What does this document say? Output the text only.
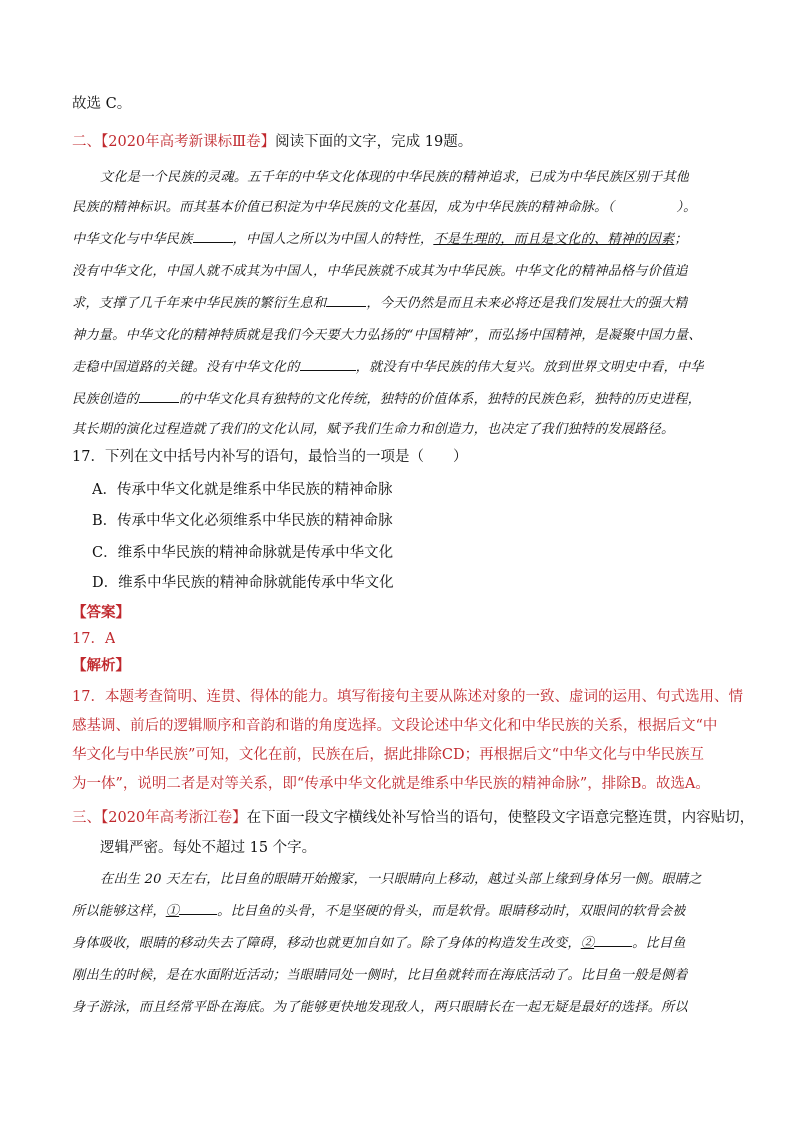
故选 C。
二、【2020年高考新课标Ⅲ卷】阅读下面的文字，完成 19题。
文化是一个民族的灵魂。五千年的中华文化体现的中华民族的精神追求，已成为中华民族区别于其他
民族的精神标识。而其基本价值已积淀为中华民族的文化基因，成为中华民族的精神命脉。（	）。
中华文化与中华民族	，中国人之所以为中国人的特性，不是生理的，而且是文化的、精神的因素；
没有中华文化，中国人就不成其为中国人，中华民族就不成其为中华民族。中华文化的精神品格与价值追
求，支撑了几千年来中华民族的繁衍生息和	，今天仍然是而且未来必将还是我们发展壮大的强大精
神力量。中华文化的精神特质就是我们今天要大力弘扬的“中国精神”，而弘扬中国精神，是凝聚中国力量、
走稳中国道路的关键。没有中华文化的	，就没有中华民族的伟大复兴。放到世界文明史中看，中华
民族创造的	的中华文化具有独特的文化传统，独特的价值体系，独特的民族色彩，独特的历史进程，
其长期的演化过程造就了我们的文化认同，赋予我们生命力和创造力，也决定了我们独特的发展路径。
17．下列在文中括号内补写的语句，最恰当的一项是（　　）
A．传承中华文化就是维系中华民族的精神命脉
B．传承中华文化必须维系中华民族的精神命脉
C．维系中华民族的精神命脉就是传承中华文化
D．维系中华民族的精神命脉就能传承中华文化
【答案】
17．A
【解析】
17．本题考查简明、连贯、得体的能力。填写衔接句主要从陈述对象的一致、虚词的运用、句式选用、情
感基调、前后的逻辑顺序和音韵和谐的角度选择。文段论述中华文化和中华民族的关系，根据后文“中
华文化与中华民族”可知，文化在前，民族在后，据此排除CD；再根据后文“中华文化与中华民族互
为一体”，说明二者是对等关系，即“传承中华文化就是维系中华民族的精神命脉”，排除B。故选A。
三、【2020年高考浙江卷】在下面一段文字横线处补写恰当的语句，使整段文字语意完整连贯，内容贴切，
逻辑严密。每处不超过 15 个字。
在出生 20 天左右，比目鱼的眼睛开始搬家，一只眼睛向上移动，越过头部上缘到身体另一侧。眼睛之
所以能够这样，①	。比目鱼的头骨，不是坚硬的骨头，而是软骨。眼睛移动时，双眼间的软骨会被
身体吸收，眼睛的移动失去了障碍，移动也就更加自如了。除了身体的构造发生改变，②	。比目鱼
刚出生的时候，是在水面附近活动；当眼睛同处一侧时，比目鱼就转而在海底活动了。比目鱼一般是侧着
身子游泳，而且经常平卧在海底。为了能够更快地发现敌人，两只眼睛长在一起无疑是最好的选择。所以
